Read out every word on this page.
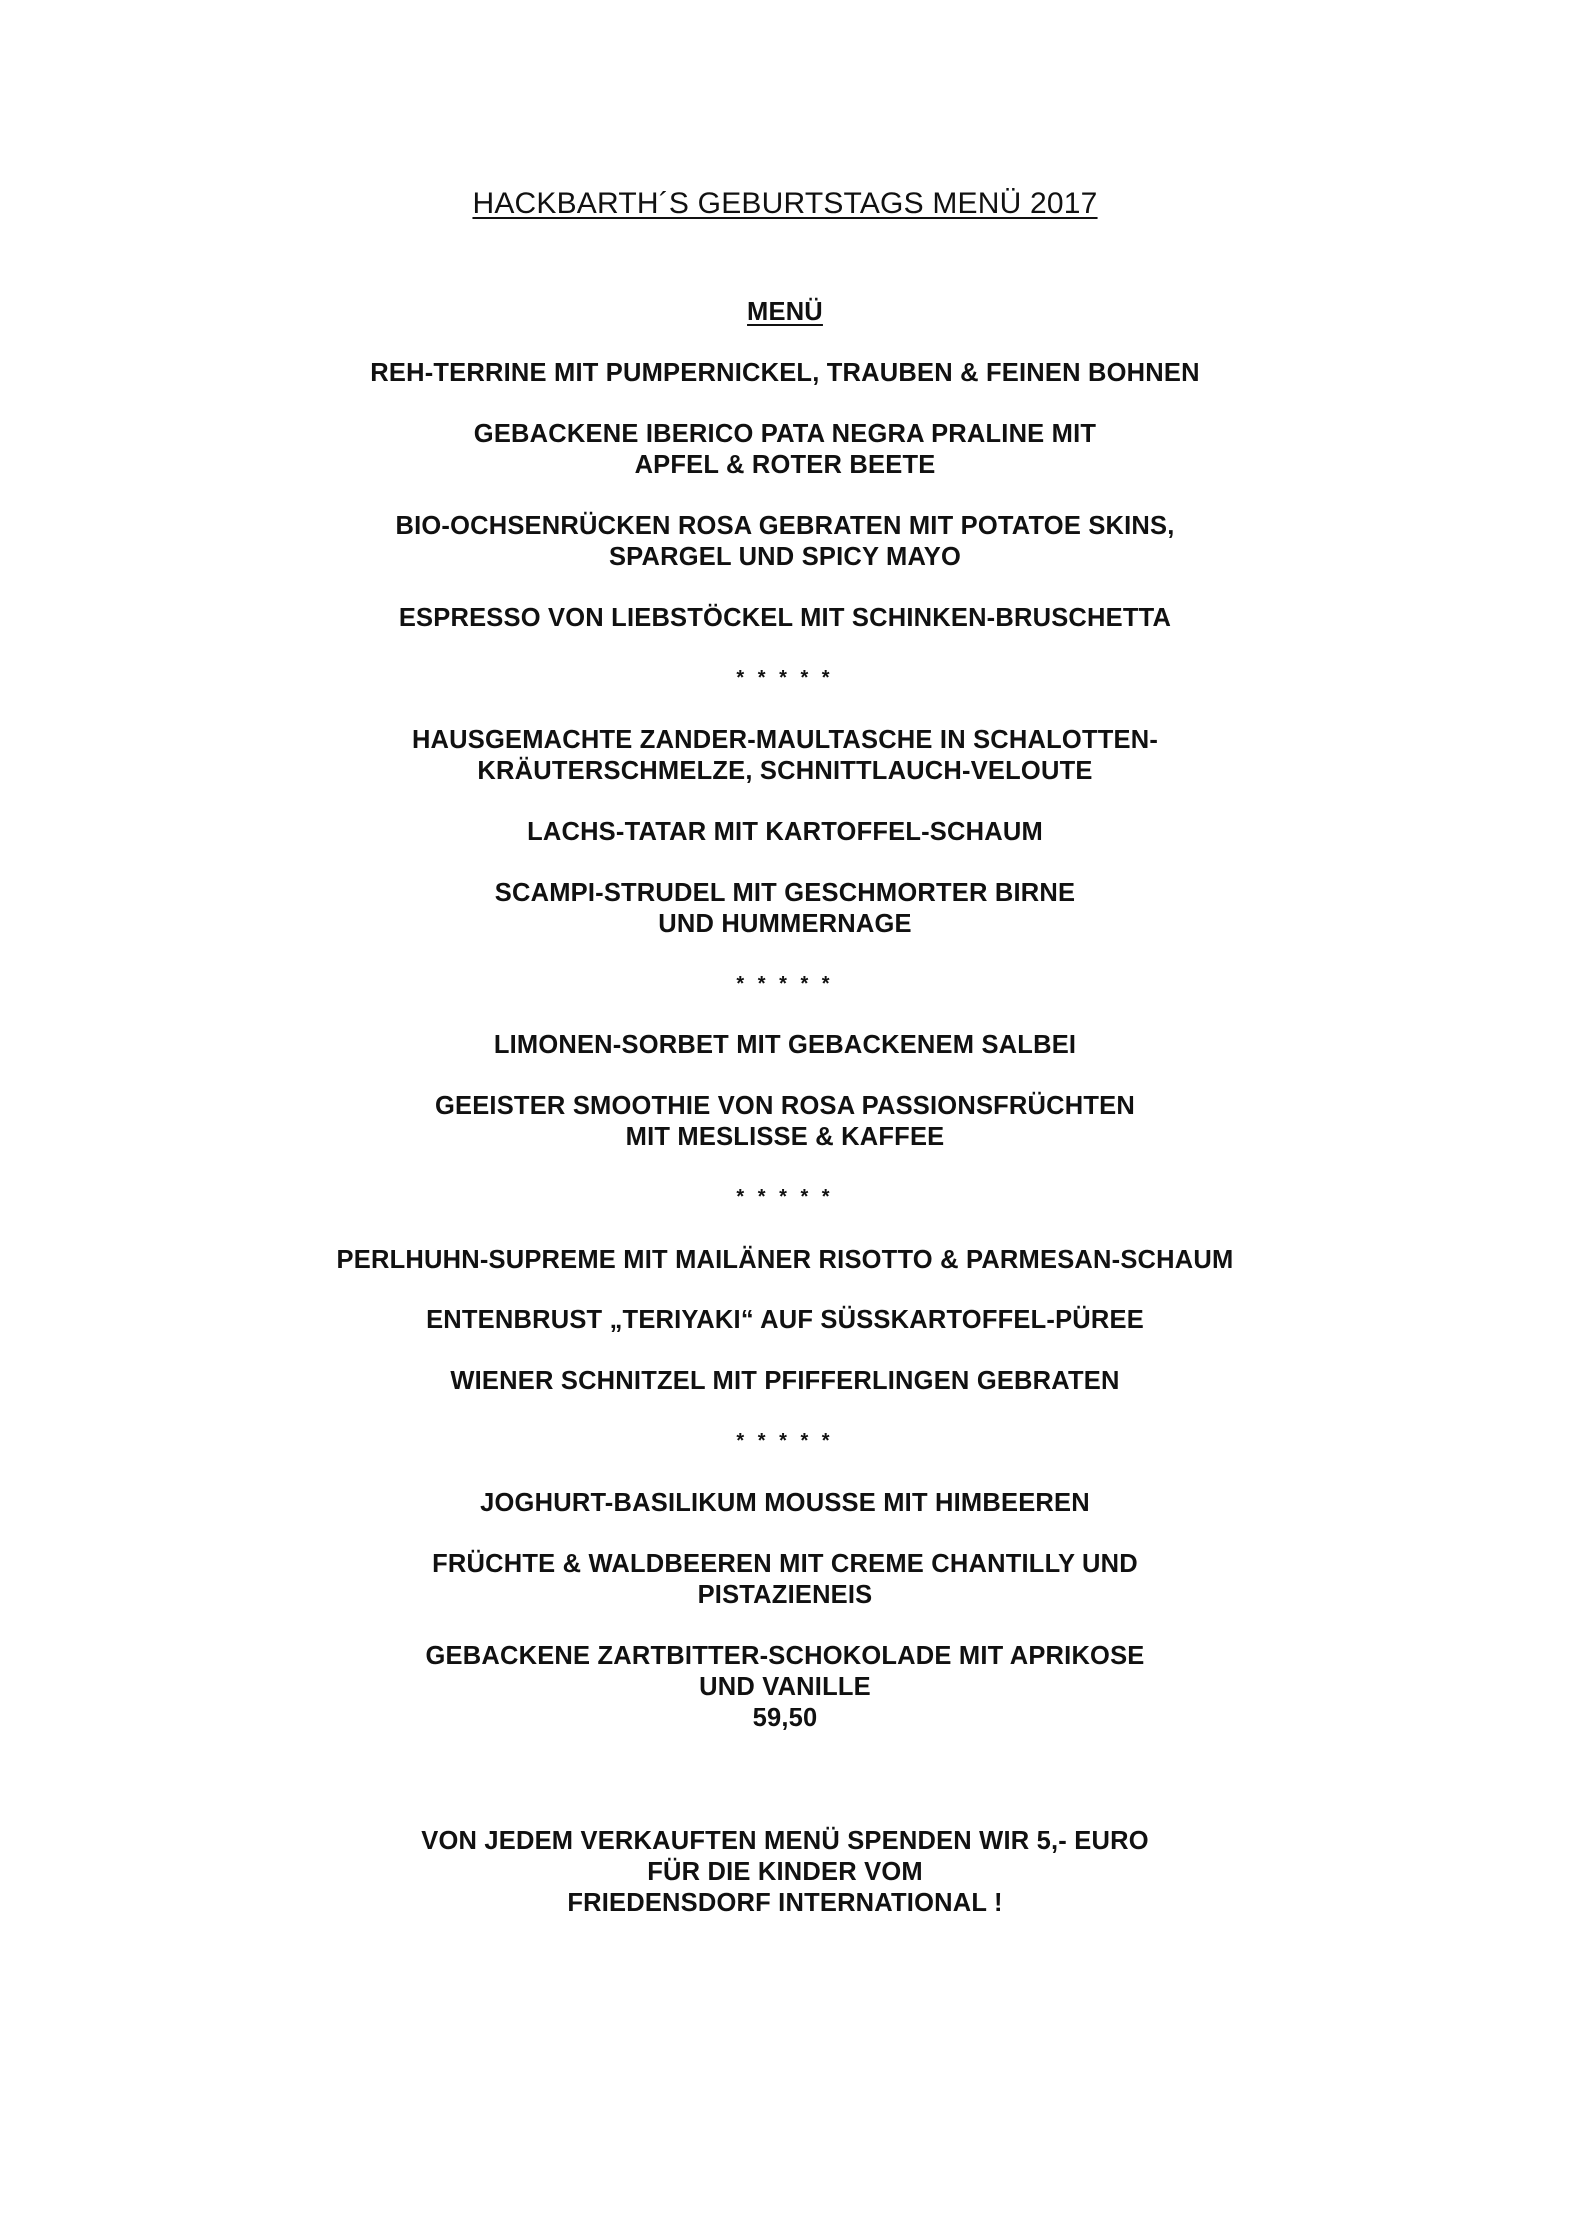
HACKBARTH´S GEBURTSTAGS MENÜ 2017
MENÜ
REH-TERRINE MIT PUMPERNICKEL, TRAUBEN & FEINEN BOHNEN
GEBACKENE IBERICO PATA NEGRA PRALINE MIT
APFEL & ROTER BEETE
BIO-OCHSENRÜCKEN ROSA GEBRATEN MIT POTATOE SKINS,
SPARGEL UND SPICY MAYO
ESPRESSO VON LIEBSTÖCKEL MIT SCHINKEN-BRUSCHETTA
* * * * *
HAUSGEMACHTE ZANDER-MAULTASCHE IN SCHALOTTEN-
KRÄUTERSCHMELZE, SCHNITTLAUCH-VELOUTE
LACHS-TATAR MIT KARTOFFEL-SCHAUM
SCAMPI-STRUDEL MIT GESCHMORTER BIRNE
UND HUMMERNAGE
* * * * *
LIMONEN-SORBET MIT GEBACKENEM SALBEI
GEEISTER SMOOTHIE VON ROSA PASSIONSFRÜCHTEN
MIT MESLISSE & KAFFEE
* * * * *
PERLHUHN-SUPREME MIT MAILÄNER RISOTTO & PARMESAN-SCHAUM
ENTENBRUST „TERIYAKI“ AUF SÜSSKARTOFFEL-PÜREE
WIENER SCHNITZEL MIT PFIFFERLINGEN GEBRATEN
* * * * *
JOGHURT-BASILIKUM MOUSSE MIT HIMBEEREN
FRÜCHTE & WALDBEEREN MIT CREME CHANTILLY UND
PISTAZIENEIS
GEBACKENE ZARTBITTER-SCHOKOLADE MIT APRIKOSE
UND VANILLE
59,50
VON JEDEM VERKAUFTEN MENÜ SPENDEN WIR 5,- EURO
FÜR DIE KINDER VOM
FRIEDENSDORF INTERNATIONAL !
